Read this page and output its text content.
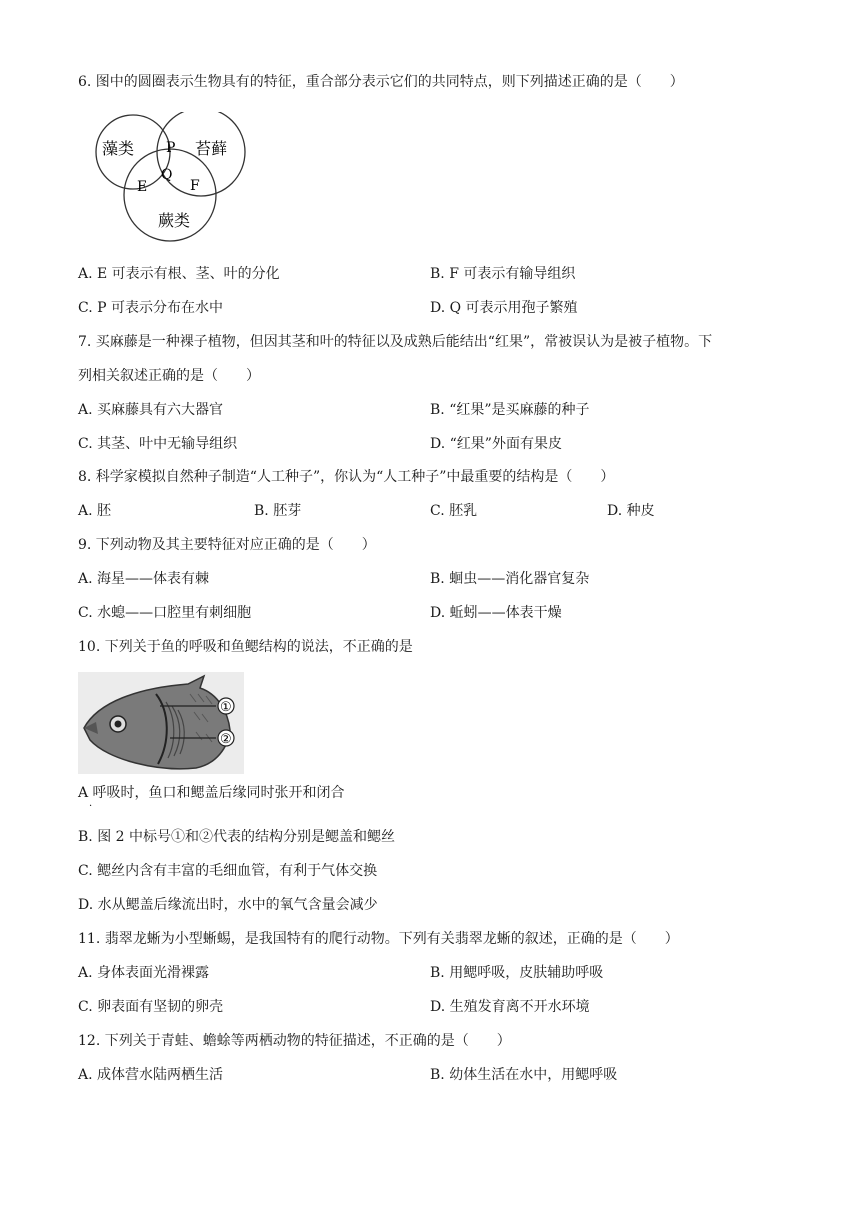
6. 图中的圆圈表示生物具有的特征，重合部分表示它们的共同特点，则下列描述正确的是（　　）
藻类	苔藓
蕨类
P
Q
E	F
A. E 可表示有根、茎、叶的分化	B. F 可表示有输导组织
C. P 可表示分布在水中	D. Q 可表示用孢子繁殖
7. 买麻藤是一种裸子植物，但因其茎和叶的特征以及成熟后能结出“红果”，常被误认为是被子植物。下
列相关叙述正确的是（　　）
A. 买麻藤具有六大器官	B. “红果”是买麻藤的种子
C. 其茎、叶中无输导组织	D. “红果”外面有果皮
8. 科学家模拟自然种子制造“人工种子”，你认为“人工种子”中最重要的结构是（　　）
A. 胚	B. 胚芽	C. 胚乳	D. 种皮
9. 下列动物及其主要特征对应正确的是（　　）
A. 海星——体表有棘	B. 蛔虫——消化器官复杂
C. 水螅——口腔里有刺细胞	D. 蚯蚓——体表干燥
10. 下列关于鱼的呼吸和鱼鳃结构的说法，不正确的是
①
②
A 呼吸时，鱼口和鳃盖后缘同时张开和闭合
·
B. 图 2 中标号①和②代表的结构分别是鳃盖和鳃丝
C. 鳃丝内含有丰富的毛细血管，有利于气体交换
D. 水从鳃盖后缘流出时，水中的氧气含量会减少
11. 翡翠龙蜥为小型蜥蜴，是我国特有的爬行动物。下列有关翡翠龙蜥的叙述，正确的是（　　）
A. 身体表面光滑裸露	B. 用鳃呼吸，皮肤辅助呼吸
C. 卵表面有坚韧的卵壳	D. 生殖发育离不开水环境
12. 下列关于青蛙、蟾蜍等两栖动物的特征描述，不正确的是（　　）
A. 成体营水陆两栖生活	B. 幼体生活在水中，用鳃呼吸
